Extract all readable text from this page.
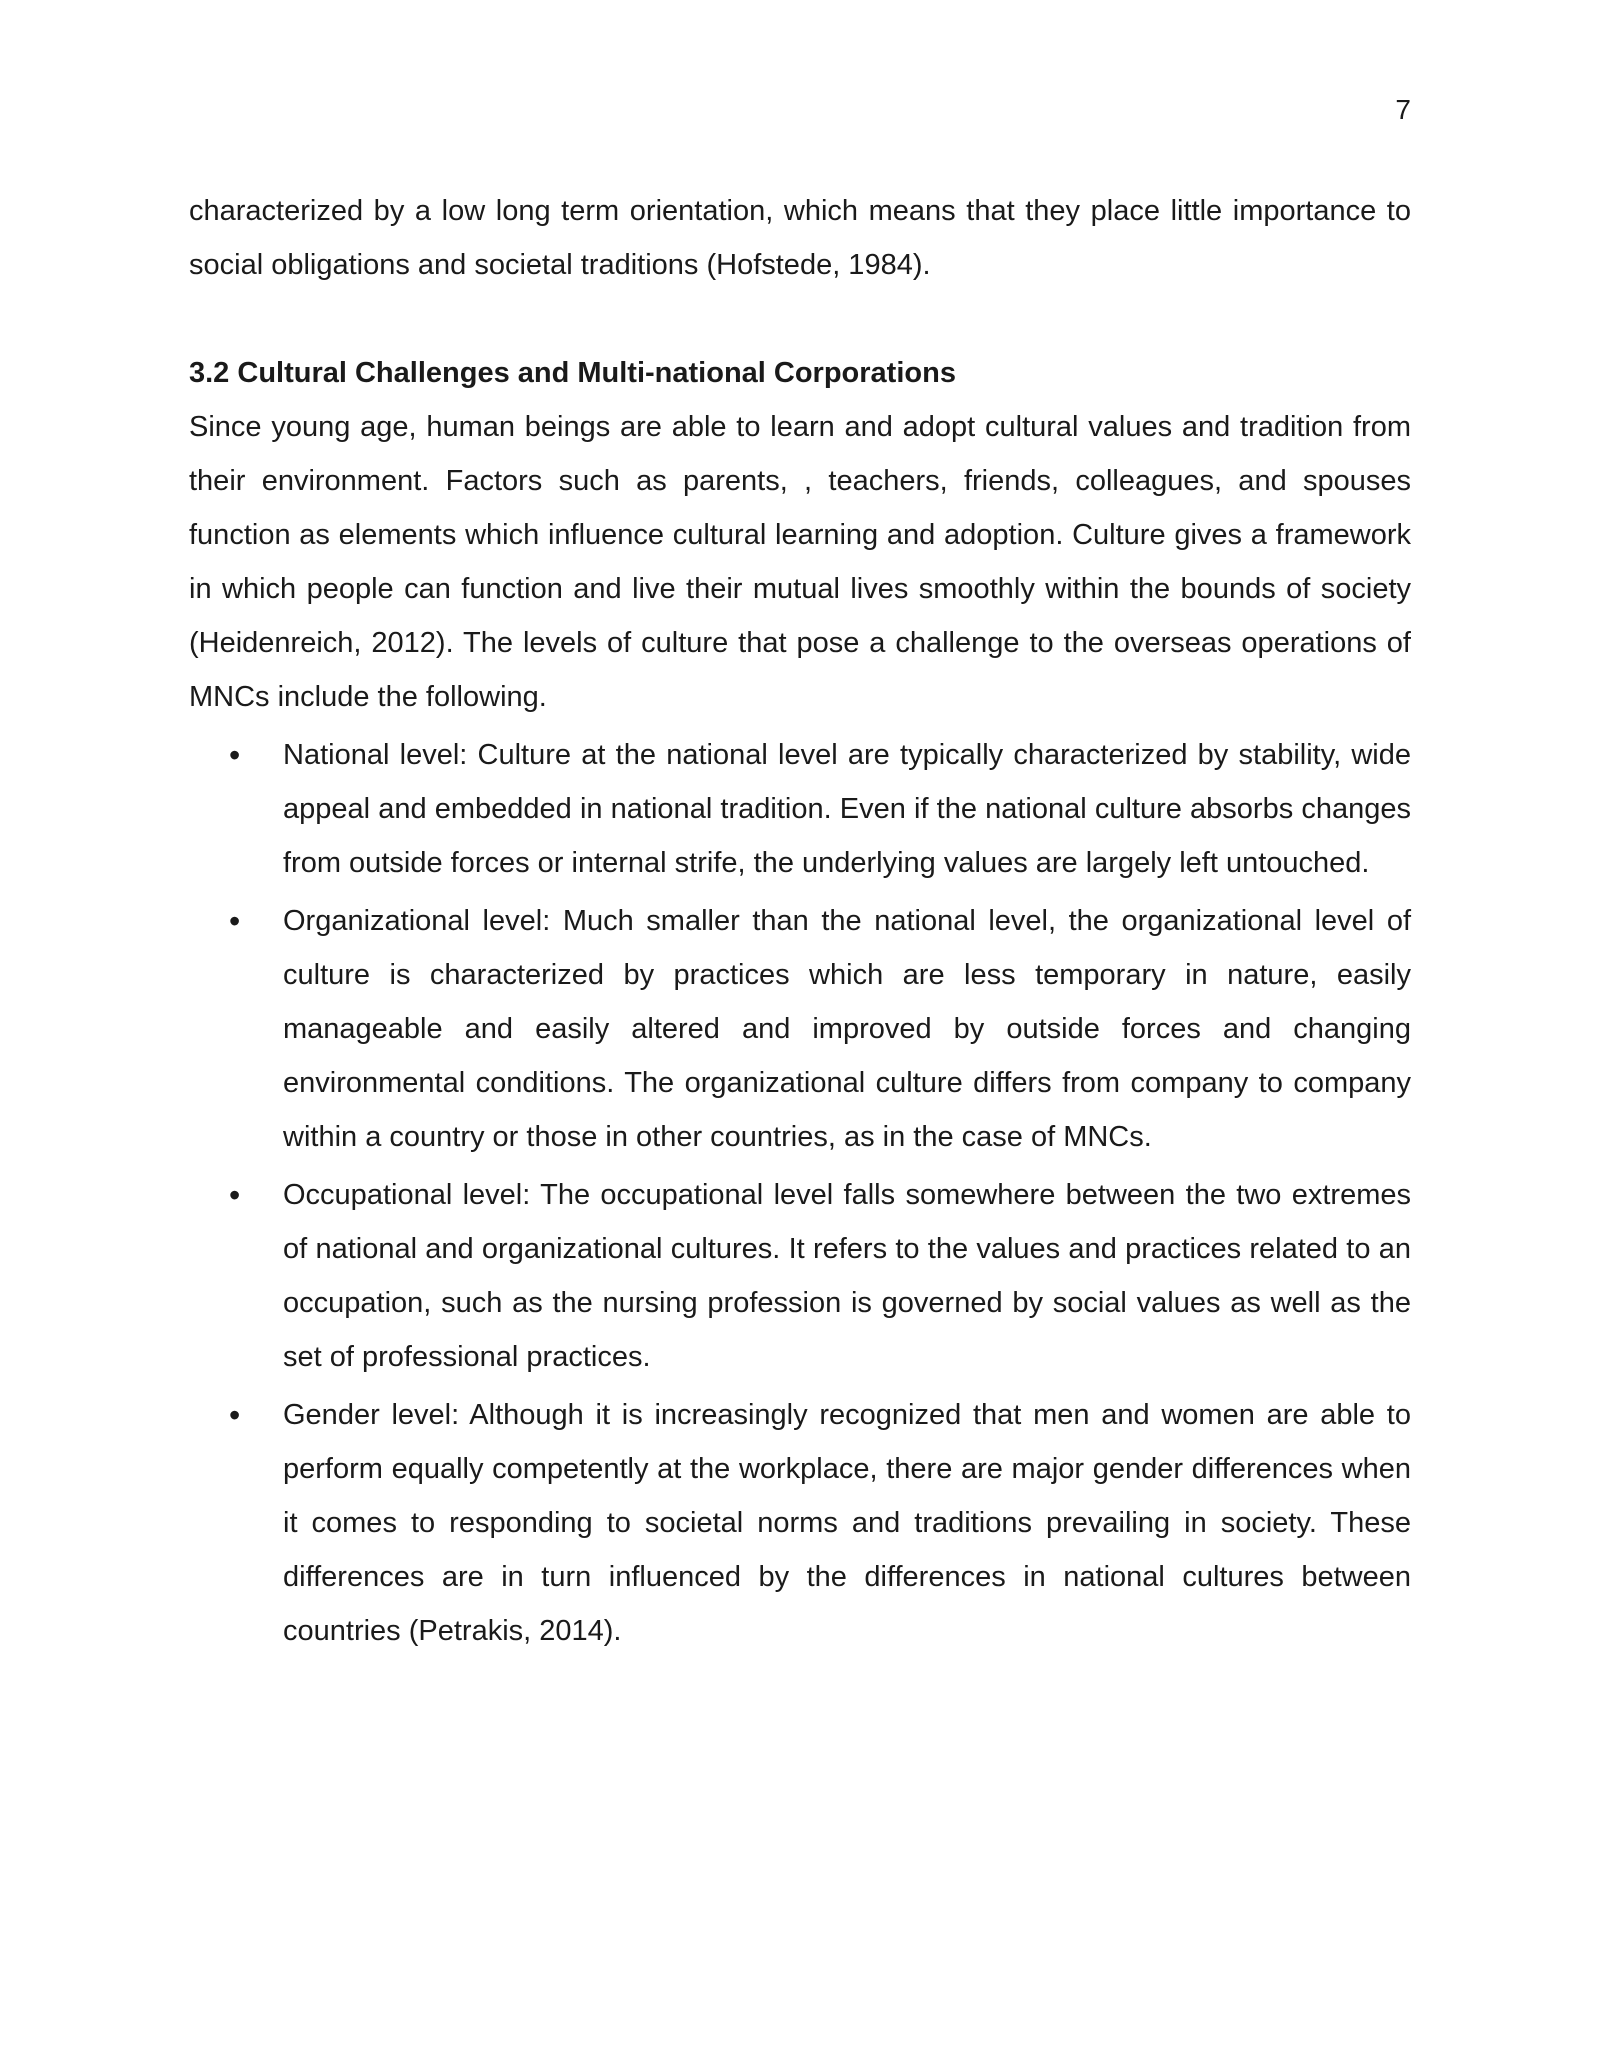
7

characterized by a low long term orientation, which means that they place little importance to social obligations and societal traditions (Hofstede, 1984).

3.2 Cultural Challenges and Multi-national Corporations

Since young age, human beings are able to learn and adopt cultural values and tradition from their environment. Factors such as parents, , teachers, friends, colleagues, and spouses function as elements which influence cultural learning and adoption. Culture gives a framework in which people can function and live their mutual lives smoothly within the bounds of society (Heidenreich, 2012). The levels of culture that pose a challenge to the overseas operations of MNCs include the following.

• National level: Culture at the national level are typically characterized by stability, wide appeal and embedded in national tradition. Even if the national culture absorbs changes from outside forces or internal strife, the underlying values are largely left untouched.

• Organizational level: Much smaller than the national level, the organizational level of culture is characterized by practices which are less temporary in nature, easily manageable and easily altered and improved by outside forces and changing environmental conditions. The organizational culture differs from company to company within a country or those in other countries, as in the case of MNCs.

• Occupational level: The occupational level falls somewhere between the two extremes of national and organizational cultures. It refers to the values and practices related to an occupation, such as the nursing profession is governed by social values as well as the set of professional practices.

• Gender level: Although it is increasingly recognized that men and women are able to perform equally competently at the workplace, there are major gender differences when it comes to responding to societal norms and traditions prevailing in society. These differences are in turn influenced by the differences in national cultures between countries (Petrakis, 2014).
